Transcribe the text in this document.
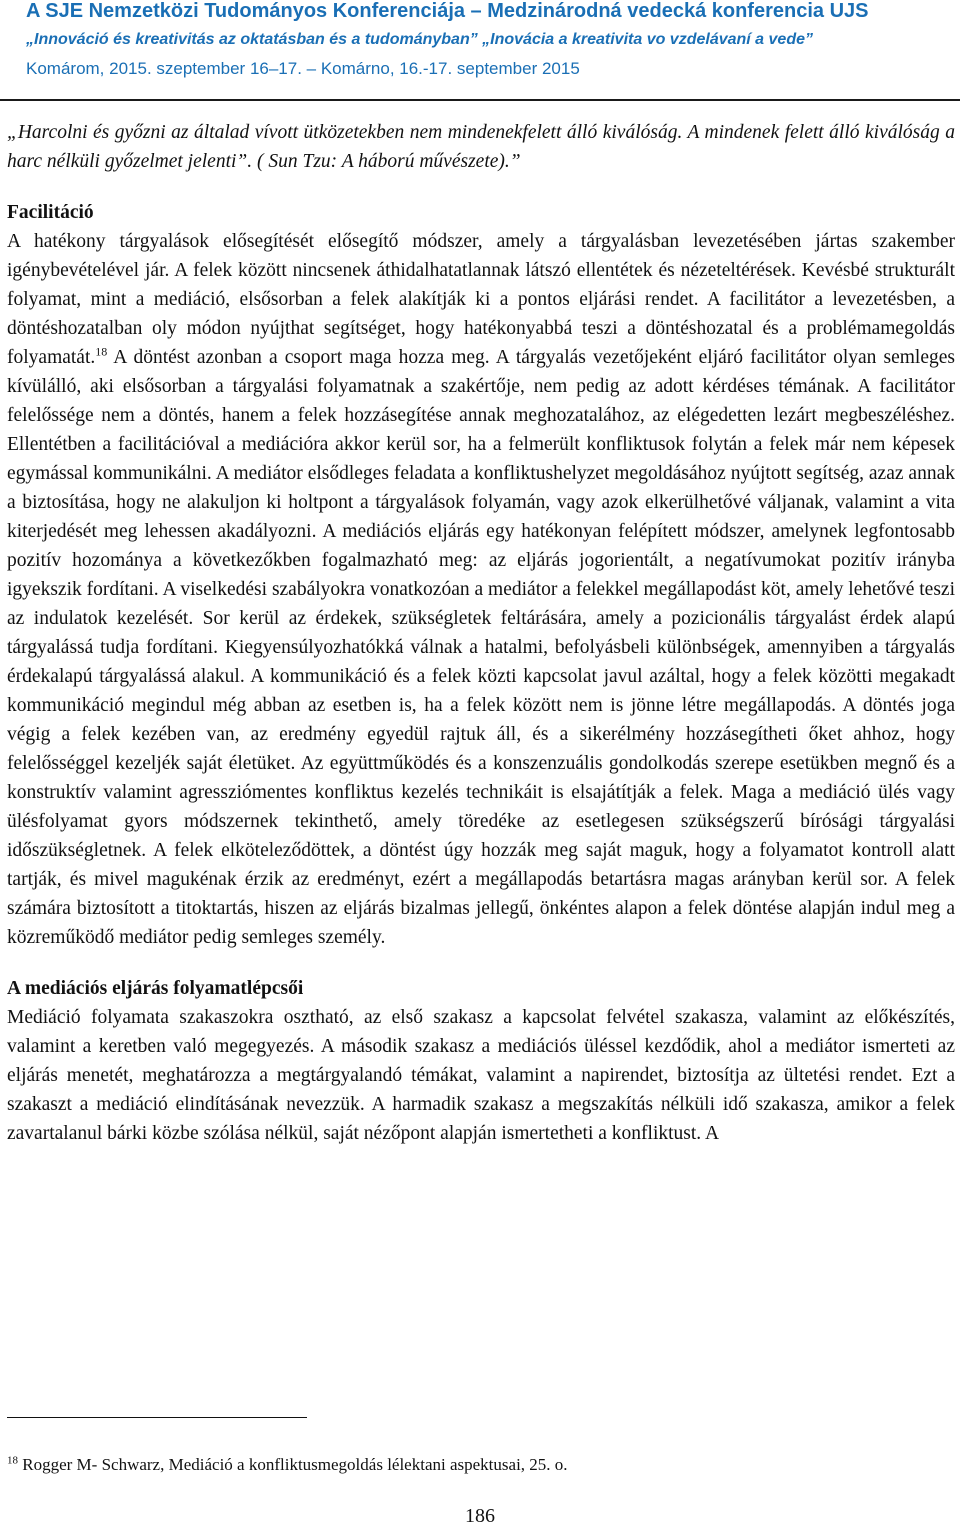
A SJE Nemzetközi Tudományos Konferenciája – Medzinárodná vedecká konferencia UJS
„Innováció és kreativitás az oktatásban és a tudományban” „Inovácia a kreativita vo vzdelávaní a vede”
Komárom, 2015. szeptember 16–17. – Komárno, 16.-17. september 2015

„Harcolni és győzni az általad vívott ütközetekben nem mindenekfelett álló kiválóság. A mindenek felett álló kiválóság a harc nélküli győzelmet jelenti”. ( Sun Tzu: A háború művészete).”

Facilitáció

A hatékony tárgyalások elősegítését elősegítő módszer, amely a tárgyalásban levezetésében jártas szakember igénybevételével jár. A felek között nincsenek áthidalhatatlannak látszó ellentétek és nézeteltérések. Kevésbé strukturált folyamat, mint a mediáció, elsősorban a felek alakítják ki a pontos eljárási rendet. A facilitátor a levezetésben, a döntéshozatalban oly módon nyújthat segítséget, hogy hatékonyabbá teszi a döntéshozatal és a problémamegoldás folyamatát.$^{18}$ A döntést azonban a csoport maga hozza meg. A tárgyalás vezetőjeként eljáró facilitátor olyan semleges kívülálló, aki elsősorban a tárgyalási folyamatnak a szakértője, nem pedig az adott kérdéses témának. A facilitátor felelőssége nem a döntés, hanem a felek hozzásegítése annak meghozatalához, az elégedetten lezárt megbeszéléshez. Ellentétben a facilitációval a mediációra akkor kerül sor, ha a felmerült konfliktusok folytán a felek már nem képesek egymással kommunikálni. A mediátor elsődleges feladata a konfliktushelyzet megoldásához nyújtott segítség, azaz annak a biztosítása, hogy ne alakuljon ki holtpont a tárgyalások folyamán, vagy azok elkerülhetővé váljanak, valamint a vita kiterjedését meg lehessen akadályozni. A mediációs eljárás egy hatékonyan felépített módszer, amelynek legfontosabb pozitív hozománya a következőkben fogalmazható meg: az eljárás jogorientált, a negatívumokat pozitív irányba igyekszik fordítani. A viselkedési szabályokra vonatkozóan a mediátor a felekkel megállapodást köt, amely lehetővé teszi az indulatok kezelését. Sor kerül az érdekek, szükségletek feltárására, amely a pozicionális tárgyalást érdek alapú tárgyalássá tudja fordítani. Kiegyensúlyozhatókká válnak a hatalmi, befolyásbeli különbségek, amennyiben a tárgyalás érdekalapú tárgyalássá alakul. A kommunikáció és a felek közti kapcsolat javul azáltal, hogy a felek közötti megakadt kommunikáció megindul még abban az esetben is, ha a felek között nem is jönne létre megállapodás. A döntés joga végig a felek kezében van, az eredmény egyedül rajtuk áll, és a sikerélmény hozzásegítheti őket ahhoz, hogy felelősséggel kezeljék saját életüket. Az együttműködés és a konszenzuális gondolkodás szerepe esetükben megnő és a konstruktív valamint agressziómentes konfliktus kezelés technikáit is elsajátítják a felek. Maga a mediáció ülés vagy ülésfolyamat gyors módszernek tekinthető, amely töredéke az esetlegesen szükségszerű bírósági tárgyalási időszükségletnek. A felek elköteleződöttek, a döntést úgy hozzák meg saját maguk, hogy a folyamatot kontroll alatt tartják, és mivel magukénak érzik az eredményt, ezért a megállapodás betartásra magas arányban kerül sor. A felek számára biztosított a titoktartás, hiszen az eljárás bizalmas jellegű, önkéntes alapon a felek döntése alapján indul meg a közreműködő mediátor pedig semleges személy.

A mediációs eljárás folyamatlépcsői

Mediáció folyamata szakaszokra osztható, az első szakasz a kapcsolat felvétel szakasza, valamint az előkészítés, valamint a keretben való megegyezés. A második szakasz a mediációs üléssel kezdődik, ahol a mediátor ismerteti az eljárás menetét, meghatározza a megtárgyalandó témákat, valamint a napirendet, biztosítja az ültetési rendet. Ezt a szakaszt a mediáció elindításának nevezzük. A harmadik szakasz a megszakítás nélküli idő szakasza, amikor a felek zavartalanul bárki közbe szólása nélkül, saját nézőpont alapján ismertetheti a konfliktust. A

$^{18}$ Rogger M- Schwarz, Mediáció a konfliktusmegoldás lélektani aspektusai, 25. o.
186
